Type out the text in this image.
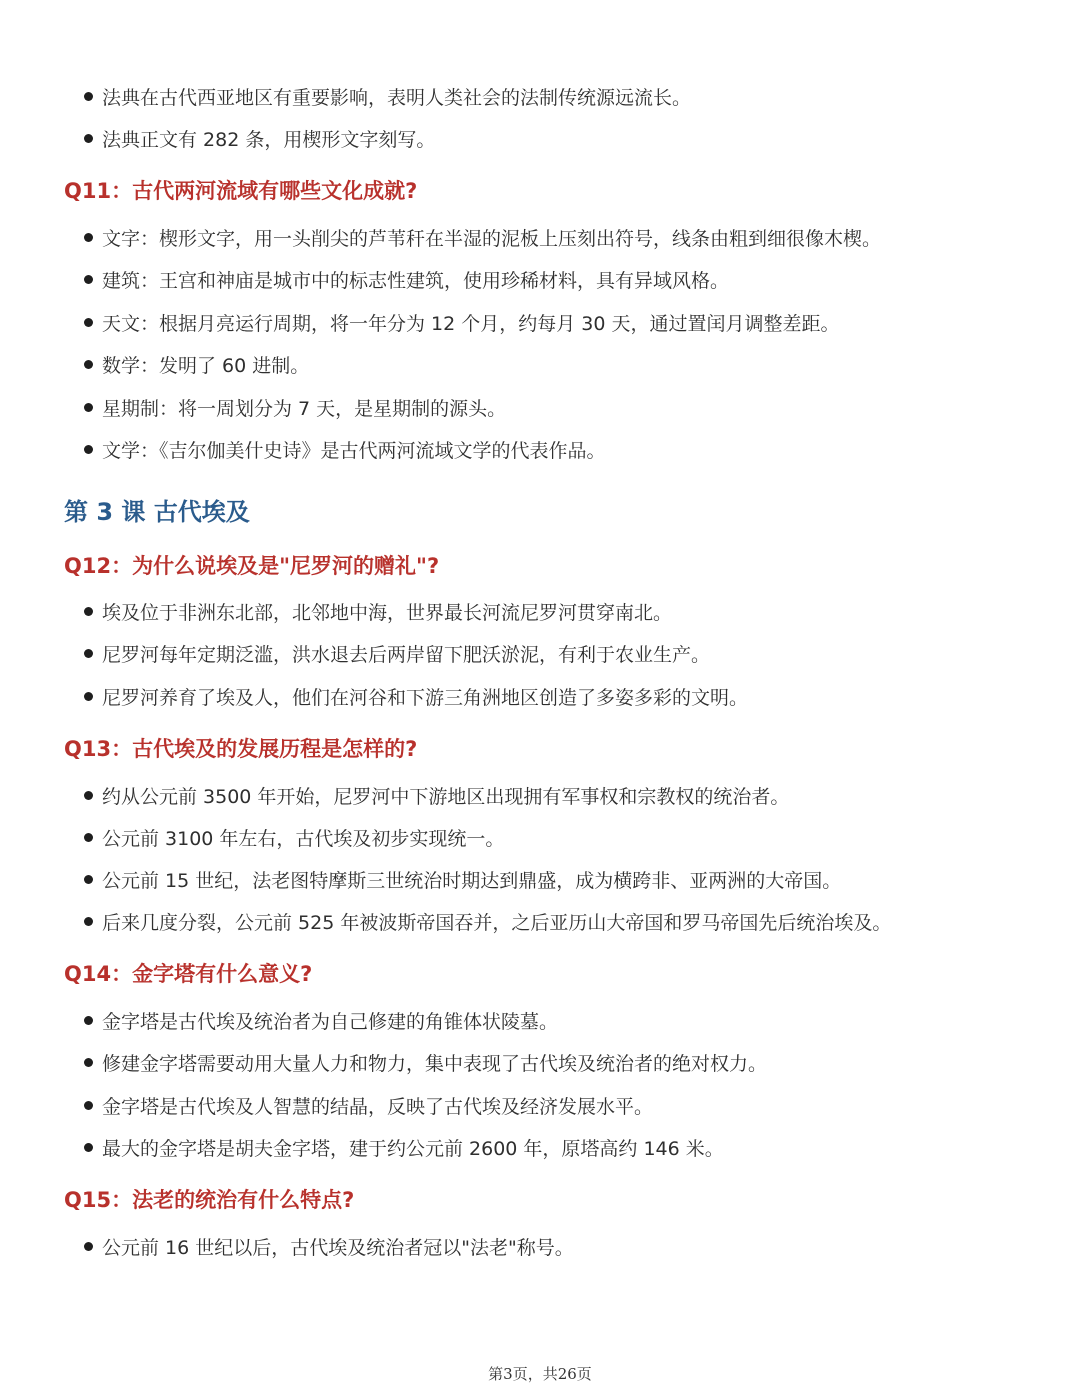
法典在古代西亚地区有重要影响，表明人类社会的法制传统源远流长。
法典正文有 282 条，用楔形文字刻写。
Q11：古代两河流域有哪些文化成就?
文字：楔形文字，用一头削尖的芦苇秆在半湿的泥板上压刻出符号，线条由粗到细很像木楔。
建筑：王宫和神庙是城市中的标志性建筑，使用珍稀材料，具有异域风格。
天文：根据月亮运行周期，将一年分为 12 个月，约每月 30 天，通过置闰月调整差距。
数学：发明了 60 进制。
星期制：将一周划分为 7 天，是星期制的源头。
文学：《吉尔伽美什史诗》是古代两河流域文学的代表作品。
第 3 课 古代埃及
Q12：为什么说埃及是"尼罗河的赠礼"?
埃及位于非洲东北部，北邻地中海，世界最长河流尼罗河贯穿南北。
尼罗河每年定期泛滥，洪水退去后两岸留下肥沃淤泥，有利于农业生产。
尼罗河养育了埃及人，他们在河谷和下游三角洲地区创造了多姿多彩的文明。
Q13：古代埃及的发展历程是怎样的?
约从公元前 3500 年开始，尼罗河中下游地区出现拥有军事权和宗教权的统治者。
公元前 3100 年左右，古代埃及初步实现统一。
公元前 15 世纪，法老图特摩斯三世统治时期达到鼎盛，成为横跨非、亚两洲的大帝国。
后来几度分裂，公元前 525 年被波斯帝国吞并，之后亚历山大帝国和罗马帝国先后统治埃及。
Q14：金字塔有什么意义?
金字塔是古代埃及统治者为自己修建的角锥体状陵墓。
修建金字塔需要动用大量人力和物力，集中表现了古代埃及统治者的绝对权力。
金字塔是古代埃及人智慧的结晶，反映了古代埃及经济发展水平。
最大的金字塔是胡夫金字塔，建于约公元前 2600 年，原塔高约 146 米。
Q15：法老的统治有什么特点?
公元前 16 世纪以后，古代埃及统治者冠以"法老"称号。
第3页，共26页
